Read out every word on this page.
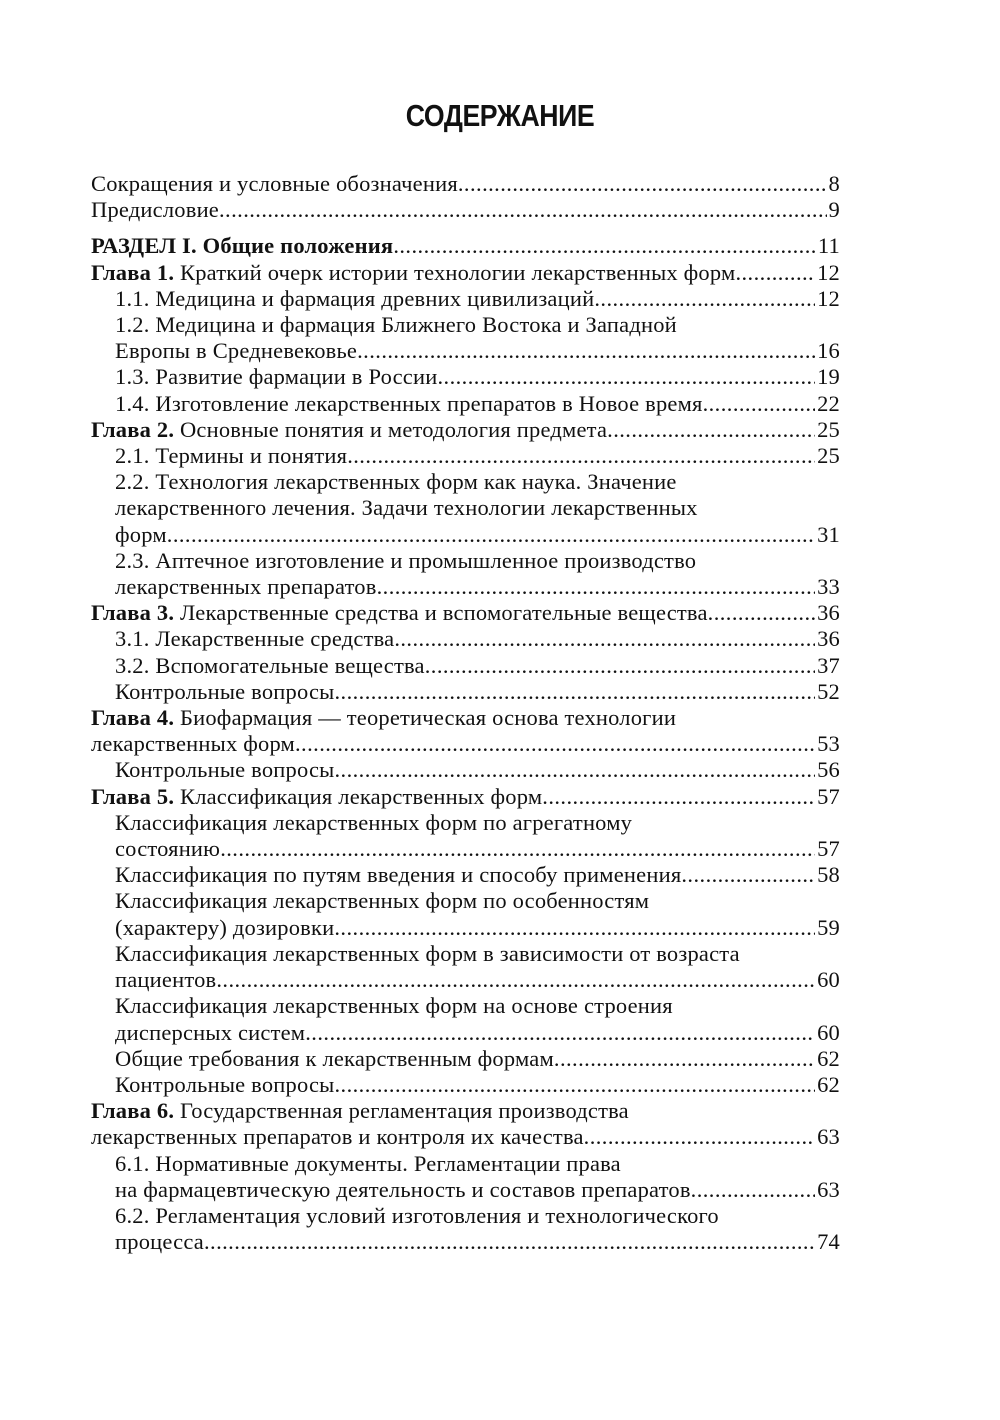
СОДЕРЖАНИЕ
Сокращения и условные обозначения . . .	8
Предисловие . . .	9
РАЗДЕЛ I. Общие положения . . .	11
Глава 1. Краткий очерк истории технологии лекарственных форм . . .	12
1.1. Медицина и фармация древних цивилизаций . . .	12
1.2. Медицина и фармация Ближнего Востока и Западной
Европы в Средневековье . . .	16
1.3. Развитие фармации в России . . .	19
1.4. Изготовление лекарственных препаратов в Новое время . . .	22
Глава 2. Основные понятия и методология предмета . . .	25
2.1. Термины и понятия . . .	25
2.2. Технология лекарственных форм как наука. Значение
лекарственного лечения. Задачи технологии лекарственных
форм . . .	31
2.3. Аптечное изготовление и промышленное производство
лекарственных препаратов . . .	33
Глава 3. Лекарственные средства и вспомогательные вещества . . .	36
3.1. Лекарственные средства . . .	36
3.2. Вспомогательные вещества . . .	37
Контрольные вопросы . . .	52
Глава 4. Биофармация — теоретическая основа технологии
лекарственных форм . . .	53
Контрольные вопросы . . .	56
Глава 5. Классификация лекарственных форм . . .	57
Классификация лекарственных форм по агрегатному
состоянию . . .	57
Классификация по путям введения и способу применения . . .	58
Классификация лекарственных форм по особенностям
(характеру) дозировки . . .	59
Классификация лекарственных форм в зависимости от возраста
пациентов . . .	60
Классификация лекарственных форм на основе строения
дисперсных систем . . .	60
Общие требования к лекарственным формам . . .	62
Контрольные вопросы . . .	62
Глава 6. Государственная регламентация производства
лекарственных препаратов и контроля их качества . . .	63
6.1. Нормативные документы. Регламентации права
на фармацевтическую деятельность и составов препаратов . . .	63
6.2. Регламентация условий изготовления и технологического
процесса . . .	74
